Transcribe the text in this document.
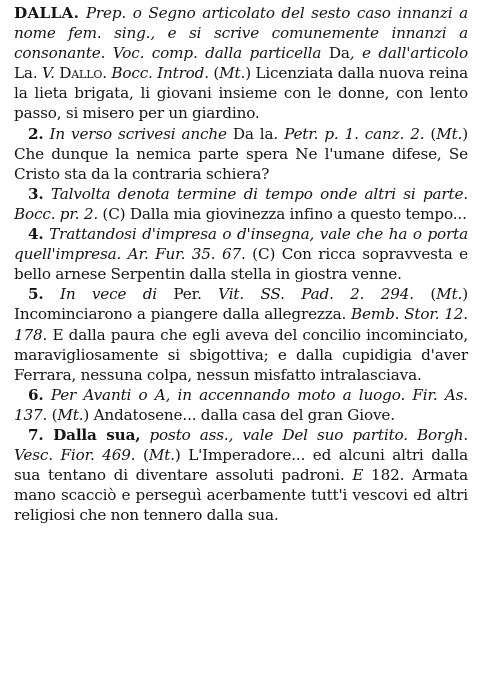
DALLA. Prep. o Segno articolato del sesto caso innanzi a nome fem. sing., e si scrive comunemente innanzi a consonante. Voc. comp. dalla particella Da, e dall'articolo La. V. Dallo. Bocc. Introd. (Mt.) Licenziata dalla nuova reina la lieta brigata, li giovani insieme con le donne, con lento passo, si misero per un giardino.

2. In verso scrivesi anche Da la. Petr. p. 1. canz. 2. (Mt.) Che dunque la nemica parte spera Ne l'umane difese, Se Cristo sta da la contraria schiera?

3. Talvolta denota termine di tempo onde altri si parte. Bocc. pr. 2. (C) Dalla mia giovinezza infino a questo tempo...

4. Trattandosi d'impresa o d'insegna, vale che ha o porta quell'impresa. Ar. Fur. 35. 67. (C) Con ricca sopravvesta e bello arnese Serpentin dalla stella in giostra venne.

5. In vece di Per. Vit. SS. Pad. 2. 294. (Mt.) Incominciarono a piangere dalla allegrezza. Bemb. Stor. 12. 178. E dalla paura che egli aveva del concilio incominciato, maravigliosamente si sbigottiva; e dalla cupidigia d'aver Ferrara, nessuna colpa, nessun misfatto intralasciava.

6. Per Avanti o A, in accennando moto a luogo. Fir. As. 137. (Mt.) Andatosene... dalla casa del gran Giove.

7. Dalla sua, posto ass., vale Del suo partito. Borgh. Vesc. Fior. 469. (Mt.) L'Imperadore... ed alcuni altri dalla sua tentano di diventare assoluti padroni. E 182. Armata mano scacciò e perseguì acerbamente tutt'i vescovi ed altri religiosi che non tennero dalla sua.
